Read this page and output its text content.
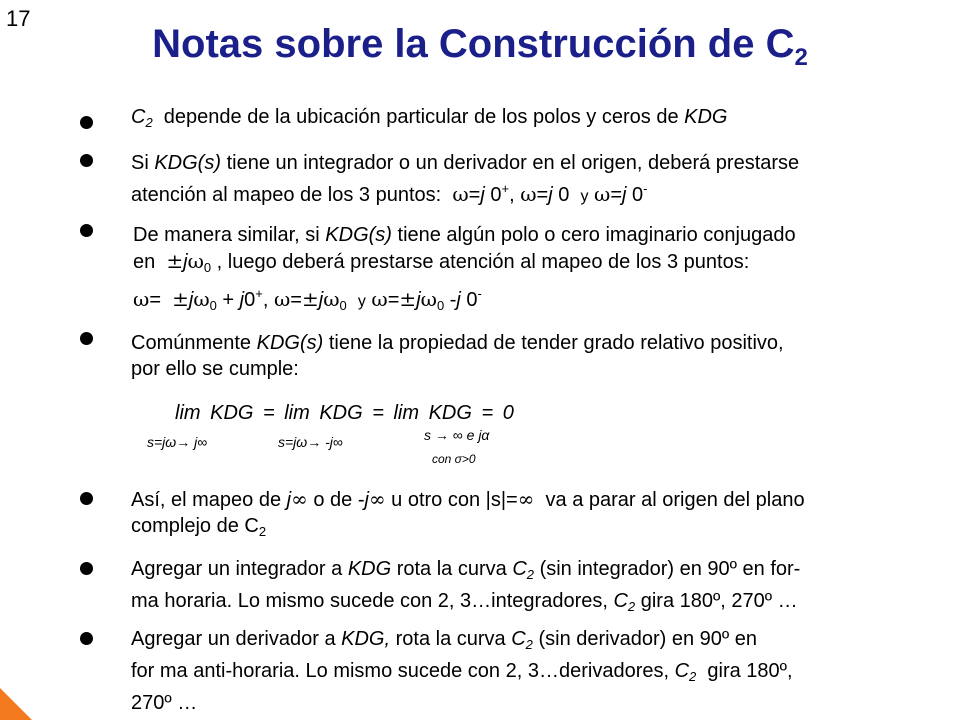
17
Notas sobre la Construcción de $C_2$
$C_2$  depende de la ubicación particular de los polos y ceros de KDG
Si KDG(s) tiene un integrador o un derivador en el origen, deberá prestarse
atención al mapeo de los 3 puntos:  ω=j 0+, ω=j 0  y ω=j 0-
De manera similar, si KDG(s) tiene algún polo o cero imaginario conjugado
en  $\pm j\omega_0$ , luego deberá prestarse atención al mapeo de los 3 puntos:
$\omega= \pm j\omega_0 + j0^+$, $\omega=\pm j\omega_0$ y $\omega=\pm j\omega_0$ -j 0-
Comúnmente KDG(s) tiene la propiedad de tender grado relativo positivo,
por ello se cumple:
lim KDG = lim KDG = lim KDG = 0
s=jω→ j∞	s=jω→ -j∞	s → ∞ e jα
con σ>0
Así, el mapeo de j∞ o de -j∞ u otro con |s|=∞  va a parar al origen del plano
complejo de $C_2$
Agregar un integrador a KDG rota la curva $C_2$ (sin integrador) en 90º en for-
ma horaria. Lo mismo sucede con 2, 3…integradores, $C_2$ gira 180º, 270º …
Agregar un derivador a KDG, rota la curva $C_2$ (sin derivador) en 90º en
for ma anti-horaria. Lo mismo sucede con 2, 3…derivadores, $C_2$  gira 180º,
270º …
